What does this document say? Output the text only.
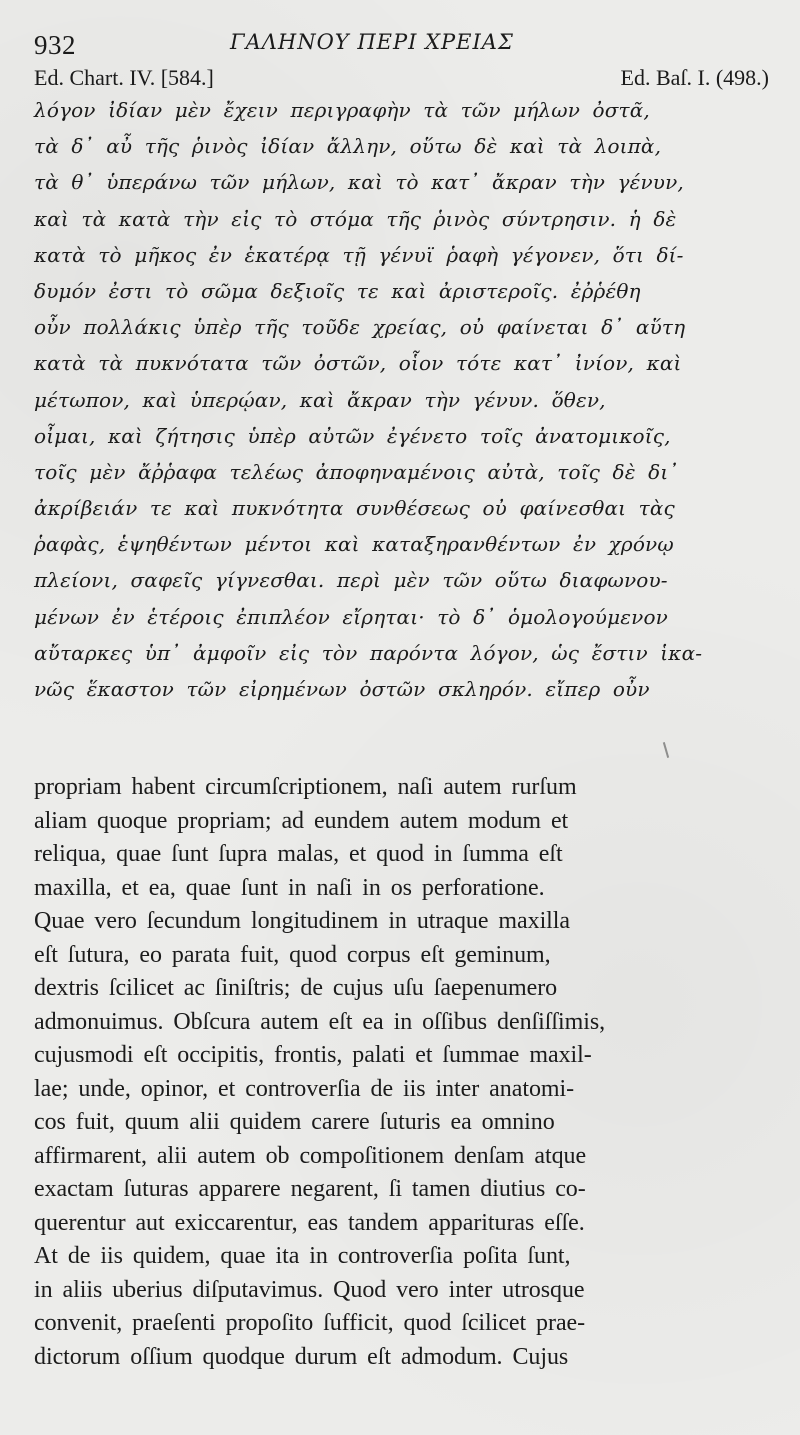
932	ΓΑΛΗΝΟΥ ΠΕΡΙ ΧΡΕΙΑΣ
Ed. Chart. IV. [584.]	Ed. Baſ. I. (498.)
λόγον ἰδίαν μὲν ἔχειν περιγραφὴν τὰ τῶν μήλων ὀστᾶ,
τὰ δ᾽ αὖ τῆς ῥινὸς ἰδίαν ἄλλην, οὕτω δὲ καὶ τὰ λοιπὰ,
τὰ θ᾽ ὑπεράνω τῶν μήλων, καὶ τὸ κατ᾽ ἄκραν τὴν γένυν,
καὶ τὰ κατὰ τὴν εἰς τὸ στόμα τῆς ῥινὸς σύντρησιν. ἡ δὲ
κατὰ τὸ μῆκος ἐν ἑκατέρᾳ τῇ γένυϊ ῥαφὴ γέγονεν, ὅτι δί-
δυμόν ἐστι τὸ σῶμα δεξιοῖς τε καὶ ἀριστεροῖς. ἐῤῥέθη
οὖν πολλάκις ὑπὲρ τῆς τοῦδε χρείας, οὐ φαίνεται δ᾽ αὕτη
κατὰ τὰ πυκνότατα τῶν ὀστῶν, οἷον τότε κατ᾽ ἰνίον, καὶ
μέτωπον, καὶ ὑπερῴαν, καὶ ἄκραν τὴν γένυν. ὅθεν,
οἶμαι, καὶ ζήτησις ὑπὲρ αὐτῶν ἐγένετο τοῖς ἀνατομικοῖς,
τοῖς μὲν ἄῤῥαφα τελέως ἀποφηναμένοις αὐτὰ, τοῖς δὲ δι᾽
ἀκρίβειάν τε καὶ πυκνότητα συνθέσεως οὐ φαίνεσθαι τὰς
ῥαφὰς, ἑψηθέντων μέντοι καὶ καταξηρανθέντων ἐν χρόνῳ
πλείονι, σαφεῖς γίγνεσθαι. περὶ μὲν τῶν οὕτω διαφωνου-
μένων ἐν ἑτέροις ἐπιπλέον εἴρηται· τὸ δ᾽ ὁμολογούμενον
αὔταρκες ὑπ᾽ ἀμφοῖν εἰς τὸν παρόντα λόγον, ὡς ἔστιν ἱκα-
νῶς ἕκαστον τῶν εἰρημένων ὀστῶν σκληρόν. εἴπερ οὖν
propriam habent circumſcriptionem, naſi autem rurſum
aliam quoque propriam; ad eundem autem modum et
reliqua, quae ſunt ſupra malas, et quod in ſumma eſt
maxilla, et ea, quae ſunt in naſi in os perforatione.
Quae vero ſecundum longitudinem in utraque maxilla
eſt ſutura, eo parata fuit, quod corpus eſt geminum,
dextris ſcilicet ac ſiniſtris; de cujus uſu ſaepenumero
admonuimus. Obſcura autem eſt ea in oſſibus denſiſſimis,
cujusmodi eſt occipitis, frontis, palati et ſummae maxil-
lae; unde, opinor, et controverſia de iis inter anatomi-
cos fuit, quum alii quidem carere ſuturis ea omnino
affirmarent, alii autem ob compoſitionem denſam atque
exactam ſuturas apparere negarent, ſi tamen diutius co-
querentur aut exiccarentur, eas tandem apparituras eſſe.
At de iis quidem, quae ita in controverſia poſita ſunt,
in aliis uberius diſputavimus. Quod vero inter utrosque
convenit, praeſenti propoſito ſufficit, quod ſcilicet prae-
dictorum oſſium quodque durum eſt admodum. Cujus
